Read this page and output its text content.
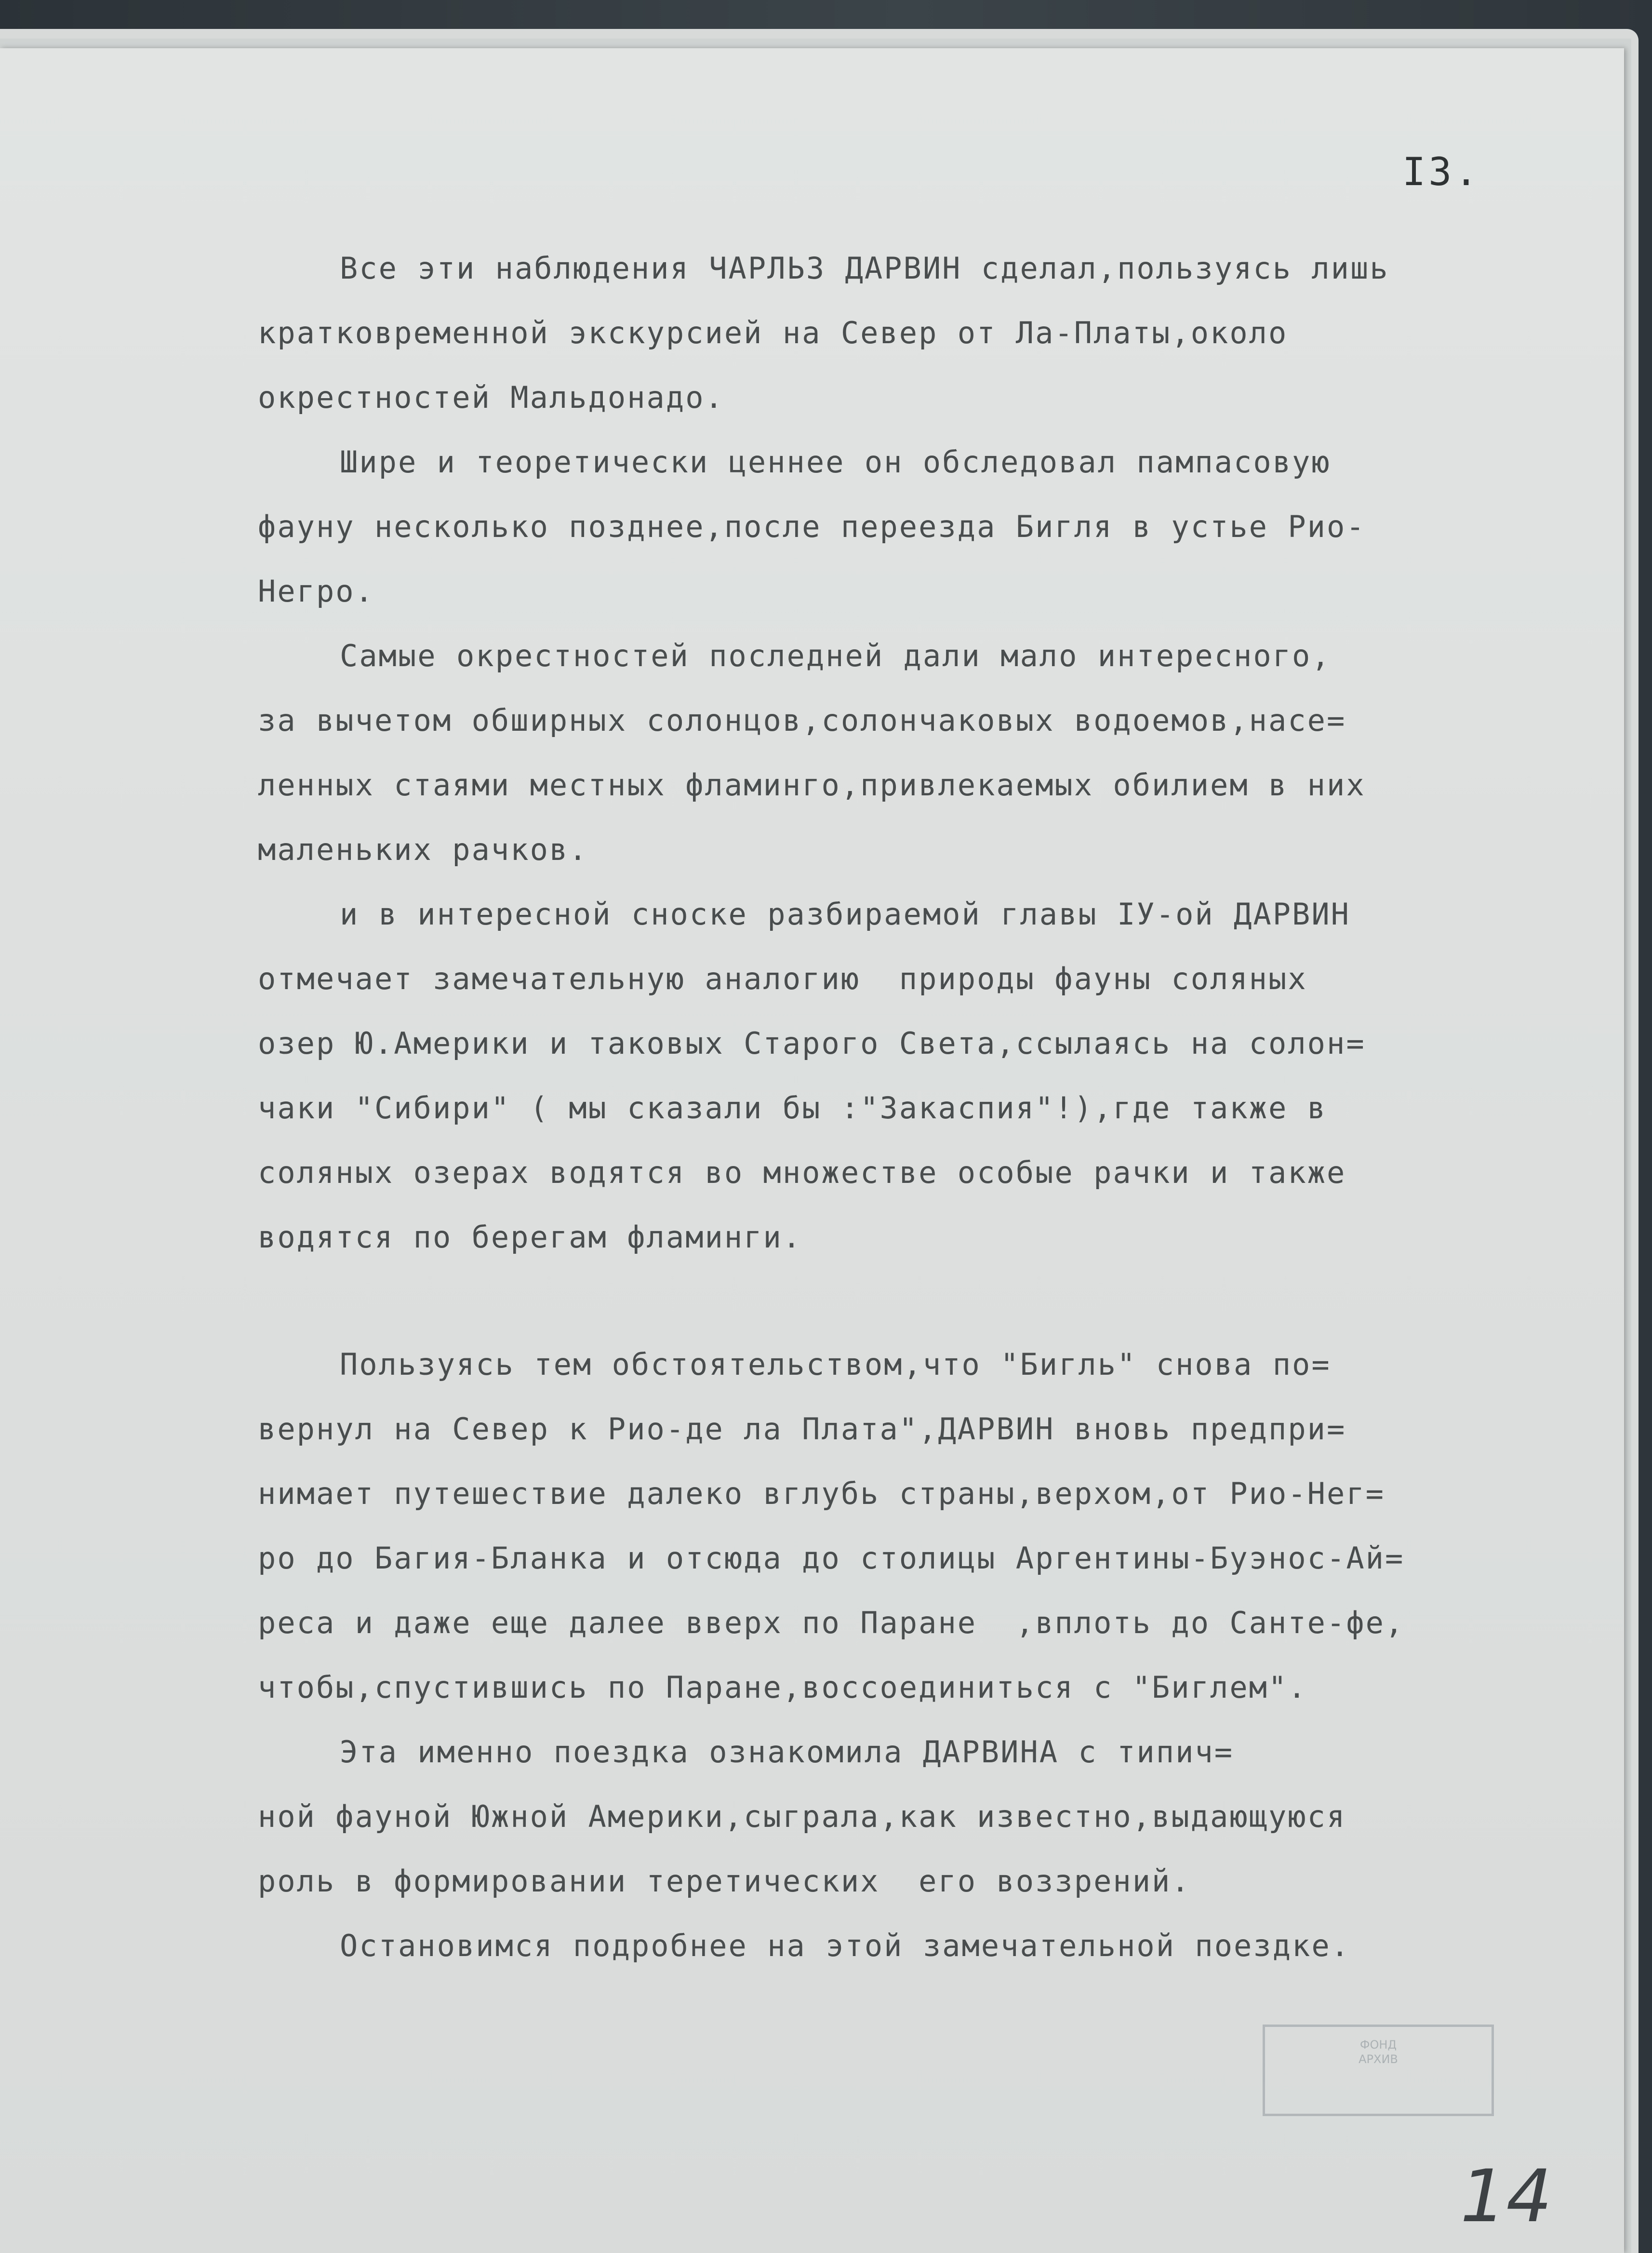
I3.
Все эти наблюдения ЧАРЛЬЗ ДАРВИН сделал,пользуясь лишь
кратковременной экскурсией на Север от Ла-Платы,около
окрестностей Мальдонадо.
Шире и теоретически ценнее он обследовал пампасовую
фауну несколько позднее,после переезда Бигля в устье Рио-
Негро.
Самые окрестностей последней дали мало интересного,
за вычетом обширных солонцов,солончаковых водоемов,насе=
ленных стаями местных фламинго,привлекаемых обилием в них
маленьких рачков.
и в интересной сноске разбираемой главы IУ-ой ДАРВИН
отмечает замечательную аналогию  природы фауны соляных
озер Ю.Америки и таковых Старого Света,ссылаясь на солон=
чаки "Сибири" ( мы сказали бы :"Закаспия"!),где также в
соляных озерах водятся во множестве особые рачки и также
водятся по берегам фламинги.
Пользуясь тем обстоятельством,что "Бигль" снова по=
вернул на Север к Рио-де ла Плата",ДАРВИН вновь предпри=
нимает путешествие далеко вглубь страны,верхом,от Рио-Нег=
ро до Багия-Бланка и отсюда до столицы Аргентины-Буэнос-Ай=
реса и даже еще далее вверх по Паране  ,вплоть до Санте-фе,
чтобы,спустившись по Паране,воссоединиться с "Биглем".
Эта именно поездка ознакомила ДАРВИНА с типич=
ной фауной Южной Америки,сыграла,как известно,выдающуюся
роль в формировании теретических  его воззрений.
Остановимся подробнее на этой замечательной поездке.
ФОНД
АРХИВ
14
